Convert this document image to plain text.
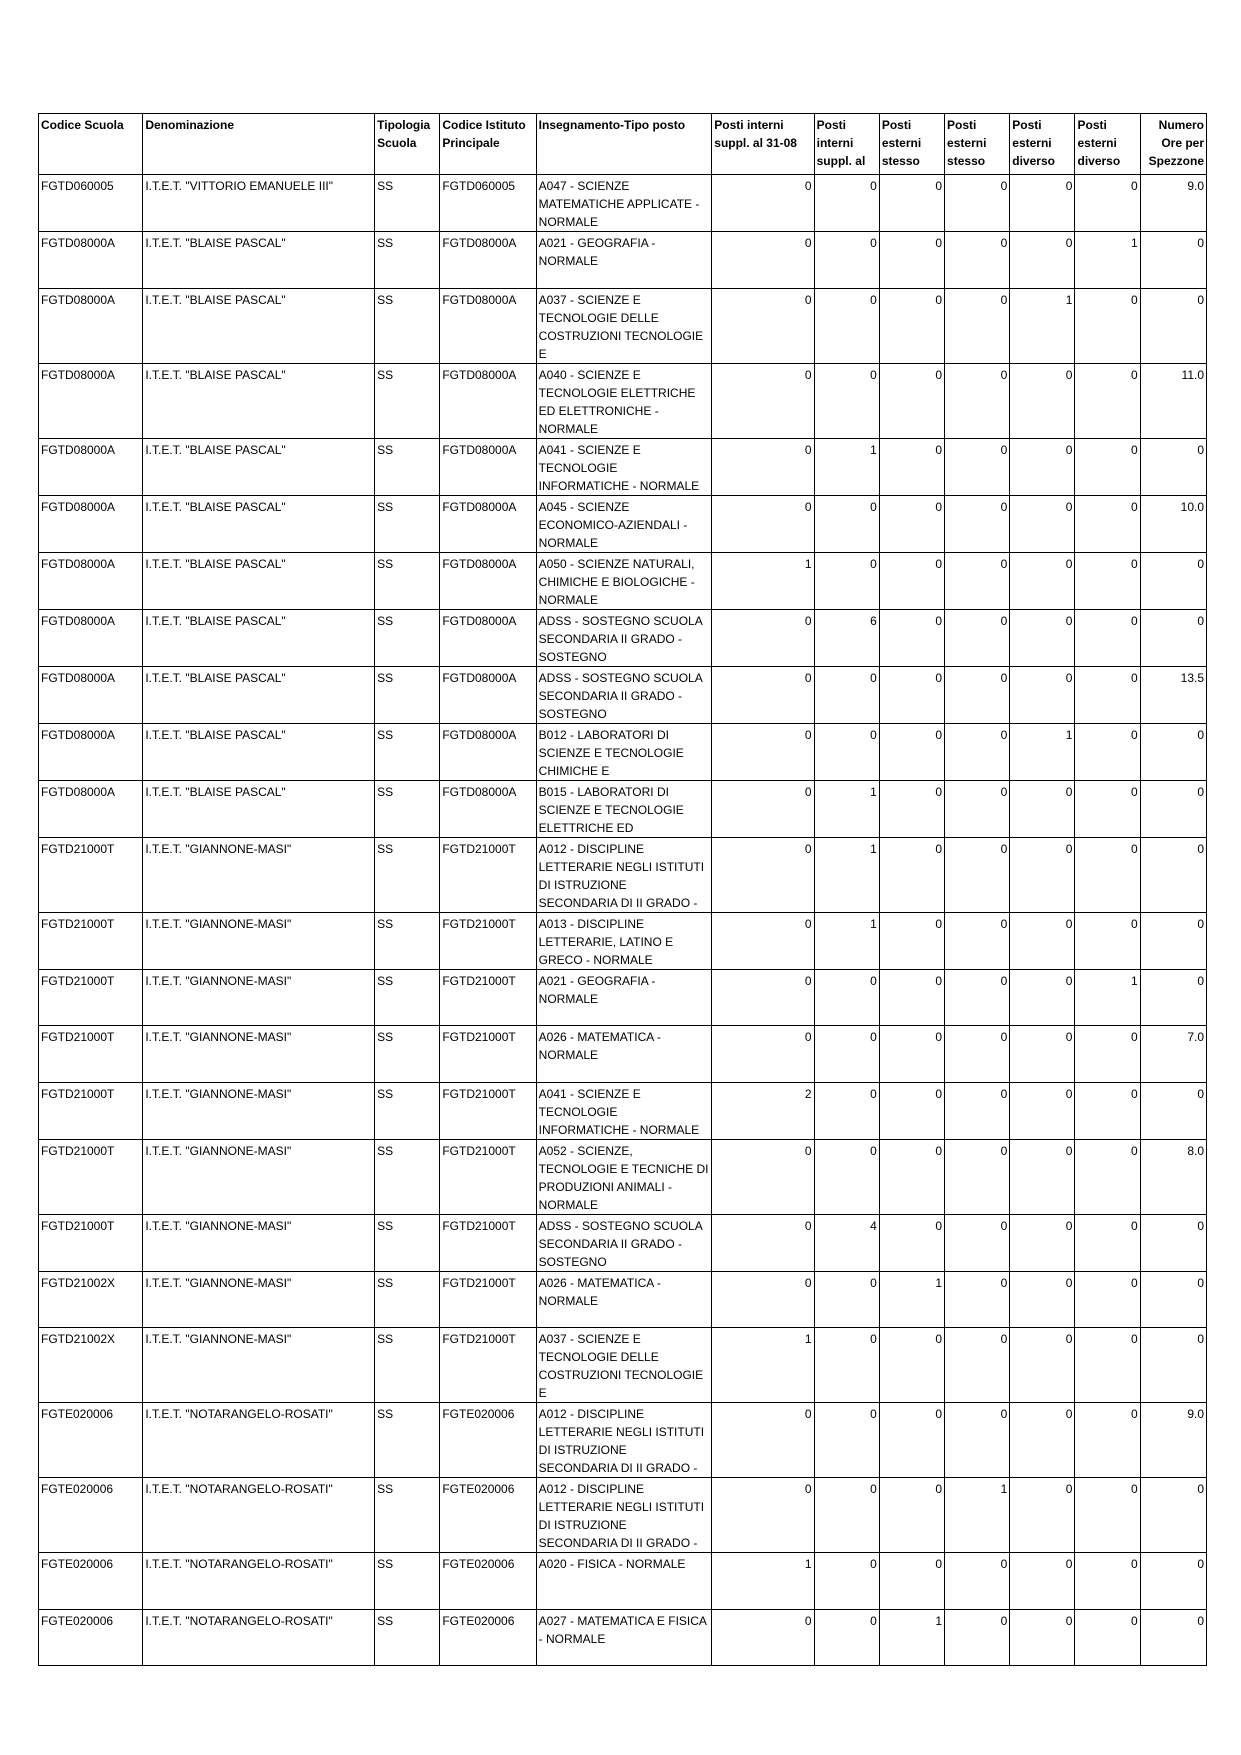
Codice Scuola	Denominazione	Tipologia Scuola	Codice Istituto Principale	Insegnamento-Tipo posto	Posti interni suppl. al 31-08	Posti interni suppl. al	Posti esterni stesso	Posti esterni stesso	Posti esterni diverso	Posti esterni diverso	Numero Ore per Spezzone
FGTD060005	I.T.E.T. "VITTORIO EMANUELE III"	SS	FGTD060005	A047 - SCIENZE MATEMATICHE APPLICATE - NORMALE	0	0	0	0	0	0	9.0
FGTD08000A	I.T.E.T. "BLAISE PASCAL"	SS	FGTD08000A	A021 - GEOGRAFIA - NORMALE	0	0	0	0	0	1	0
FGTD08000A	I.T.E.T. "BLAISE PASCAL"	SS	FGTD08000A	A037 - SCIENZE E TECNOLOGIE DELLE COSTRUZIONI TECNOLOGIE E	0	0	0	0	1	0	0
FGTD08000A	I.T.E.T. "BLAISE PASCAL"	SS	FGTD08000A	A040 - SCIENZE E TECNOLOGIE ELETTRICHE ED ELETTRONICHE - NORMALE	0	0	0	0	0	0	11.0
FGTD08000A	I.T.E.T. "BLAISE PASCAL"	SS	FGTD08000A	A041 - SCIENZE E TECNOLOGIE INFORMATICHE - NORMALE	0	1	0	0	0	0	0
FGTD08000A	I.T.E.T. "BLAISE PASCAL"	SS	FGTD08000A	A045 - SCIENZE ECONOMICO-AZIENDALI - NORMALE	0	0	0	0	0	0	10.0
FGTD08000A	I.T.E.T. "BLAISE PASCAL"	SS	FGTD08000A	A050 - SCIENZE NATURALI, CHIMICHE E BIOLOGICHE - NORMALE	1	0	0	0	0	0	0
FGTD08000A	I.T.E.T. "BLAISE PASCAL"	SS	FGTD08000A	ADSS - SOSTEGNO SCUOLA SECONDARIA II GRADO - SOSTEGNO	0	6	0	0	0	0	0
FGTD08000A	I.T.E.T. "BLAISE PASCAL"	SS	FGTD08000A	ADSS - SOSTEGNO SCUOLA SECONDARIA II GRADO - SOSTEGNO	0	0	0	0	0	0	13.5
FGTD08000A	I.T.E.T. "BLAISE PASCAL"	SS	FGTD08000A	B012 - LABORATORI DI SCIENZE E TECNOLOGIE CHIMICHE E	0	0	0	0	1	0	0
FGTD08000A	I.T.E.T. "BLAISE PASCAL"	SS	FGTD08000A	B015 - LABORATORI DI SCIENZE E TECNOLOGIE ELETTRICHE ED	0	1	0	0	0	0	0
FGTD21000T	I.T.E.T. "GIANNONE-MASI"	SS	FGTD21000T	A012 - DISCIPLINE LETTERARIE NEGLI ISTITUTI DI ISTRUZIONE SECONDARIA DI II GRADO -	0	1	0	0	0	0	0
FGTD21000T	I.T.E.T. "GIANNONE-MASI"	SS	FGTD21000T	A013 - DISCIPLINE LETTERARIE, LATINO E GRECO - NORMALE	0	1	0	0	0	0	0
FGTD21000T	I.T.E.T. "GIANNONE-MASI"	SS	FGTD21000T	A021 - GEOGRAFIA - NORMALE	0	0	0	0	0	1	0
FGTD21000T	I.T.E.T. "GIANNONE-MASI"	SS	FGTD21000T	A026 - MATEMATICA - NORMALE	0	0	0	0	0	0	7.0
FGTD21000T	I.T.E.T. "GIANNONE-MASI"	SS	FGTD21000T	A041 - SCIENZE E TECNOLOGIE INFORMATICHE - NORMALE	2	0	0	0	0	0	0
FGTD21000T	I.T.E.T. "GIANNONE-MASI"	SS	FGTD21000T	A052 - SCIENZE, TECNOLOGIE E TECNICHE DI PRODUZIONI ANIMALI - NORMALE	0	0	0	0	0	0	8.0
FGTD21000T	I.T.E.T. "GIANNONE-MASI"	SS	FGTD21000T	ADSS - SOSTEGNO SCUOLA SECONDARIA II GRADO - SOSTEGNO	0	4	0	0	0	0	0
FGTD21002X	I.T.E.T. "GIANNONE-MASI"	SS	FGTD21000T	A026 - MATEMATICA - NORMALE	0	0	1	0	0	0	0
FGTD21002X	I.T.E.T. "GIANNONE-MASI"	SS	FGTD21000T	A037 - SCIENZE E TECNOLOGIE DELLE COSTRUZIONI TECNOLOGIE E	1	0	0	0	0	0	0
FGTE020006	I.T.E.T. "NOTARANGELO-ROSATI"	SS	FGTE020006	A012 - DISCIPLINE LETTERARIE NEGLI ISTITUTI DI ISTRUZIONE SECONDARIA DI II GRADO -	0	0	0	0	0	0	9.0
FGTE020006	I.T.E.T. "NOTARANGELO-ROSATI"	SS	FGTE020006	A012 - DISCIPLINE LETTERARIE NEGLI ISTITUTI DI ISTRUZIONE SECONDARIA DI II GRADO -	0	0	0	1	0	0	0
FGTE020006	I.T.E.T. "NOTARANGELO-ROSATI"	SS	FGTE020006	A020 - FISICA - NORMALE	1	0	0	0	0	0	0
FGTE020006	I.T.E.T. "NOTARANGELO-ROSATI"	SS	FGTE020006	A027 - MATEMATICA E FISICA - NORMALE	0	0	1	0	0	0	0
